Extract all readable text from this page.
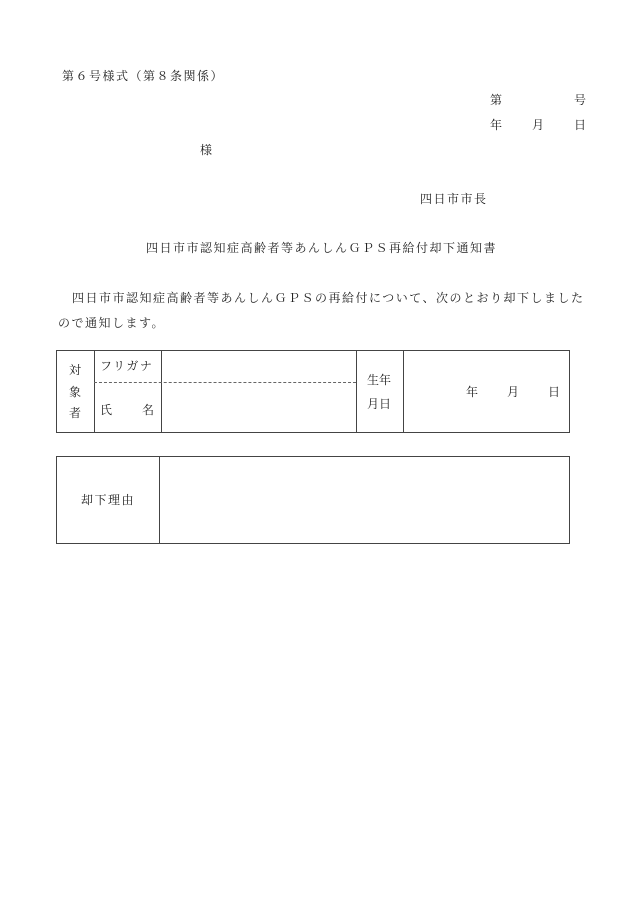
第６号様式（第８条関係）
第	号
年 月 日
様
四日市市長
四日市市認知症高齢者等あんしんＧＰＳ再給付却下通知書
四日市市認知症高齢者等あんしんＧＰＳの再給付について、次のとおり却下しました
ので通知します。
対
象
者
フリガナ
氏 名
生年
月日
年 月 日
却下理由
